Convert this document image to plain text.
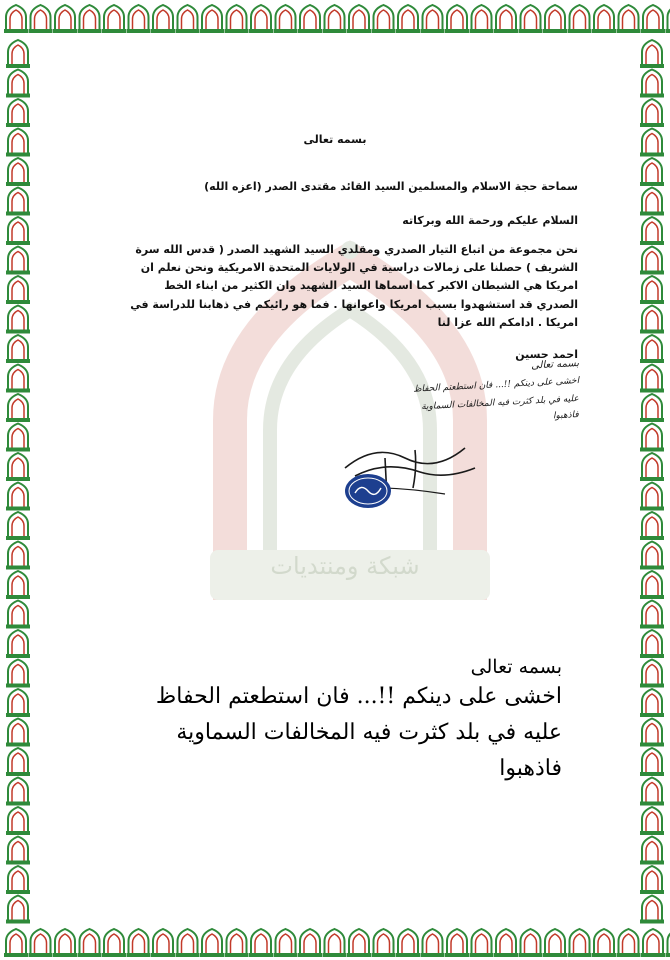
شبكة ومنتديات
بسمه تعالى
سماحة حجة الاسلام والمسلمين السيد القائد مقتدى الصدر (اعزه الله)
السلام عليكم ورحمة الله وبركاته
نحن مجموعة من اتباع التيار الصدري ومقلدي السيد الشهيد الصدر ( قدس الله سرة
الشريف ) حصلنا على زمالات دراسية في الولايات المتحدة الامريكية ونحن نعلم ان
امريكا هي الشيطان الاكبر كما اسماها السيد الشهيد وان الكثير من ابناء الخط
الصدري قد استشهدوا بسبب امريكا واعوانها . فما هو رائيكم في ذهابنا للدراسة في
امريكا . ادامكم الله عزا لنا
احمد حسين
بسمه تعالى
اخشى على دينكم !!... فان استطعتم الحفاظ
عليه في بلد كثرت فيه المخالفات السماوية
فاذهبوا
بسمه تعالى
اخشى على دينكم !!... فان استطعتم الحفاظ
عليه في بلد كثرت فيه المخالفات السماوية
فاذهبوا
